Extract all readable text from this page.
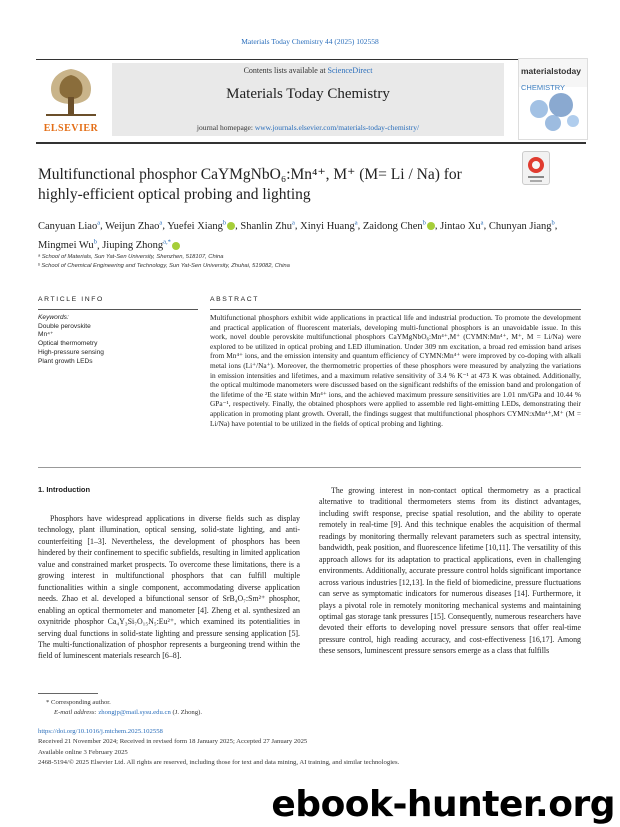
Materials Today Chemistry 44 (2025) 102558
ELSEVIER
Contents lists available at ScienceDirect
Materials Today Chemistry
journal homepage: www.journals.elsevier.com/materials-today-chemistry/
materialstoday
CHEMISTRY
Multifunctional phosphor CaYMgNbO₆:Mn⁴⁺, M⁺ (M= Li / Na) for
highly-efficient optical probing and lighting
Canyuan Liao$^a$, Weijun Zhao$^a$, Yuefei Xiang$^b$ , Shanlin Zhu$^a$, Xinyi Huang$^a$, Zaidong Chen$^b$ , Jintao Xu$^a$, Chunyan Jiang$^b$, Mingmei Wu$^b$, Jiuping Zhong$^{a,*}$
ᵃ School of Materials, Sun Yat-Sen University, Shenzhen, 518107, China
ᵇ School of Chemical Engineering and Technology, Sun Yat-Sen University, Zhuhai, 519082, China
ARTICLE INFO
Keywords:
Double perovskite
Mn⁴⁺
Optical thermometry
High-pressure sensing
Plant growth LEDs
ABSTRACT
Multifunctional phosphors exhibit wide applications in practical life and industrial production. To promote the development and practical application of fluorescent materials, developing multi-functional phosphors is an unavoidable issue. In this work, novel double perovskite multifunctional phosphors CaYMgNbO₆:Mn⁴⁺,M⁺ (CYMN:Mn⁴⁺, M⁺, M = Li/Na) were explored to be utilized in optical probing and LED illumination. Under 309 nm excitation, a broad red emission band arises from Mn⁴⁺ ions, and the emission intensity and quantum efficiency of CYMN:Mn⁴⁺ were improved by co-doping with alkali metal ions (Li⁺/Na⁺). Moreover, the thermometric properties of these phosphors were measured by analyzing the variations in emission intensities and lifetimes, and a maximum relative sensitivity of 3.4 % K⁻¹ at 473 K was obtained. Additionally, the optical multimode manometers were discussed based on the significant redshifts of the emission band and prolongation of the lifetime of the ²E state within Mn⁴⁺ ions, and the achieved maximum pressure sensitivities are 1.01 nm/GPa and 10.44 % GPa⁻¹, respectively. Finally, the obtained phosphors were applied to assemble red light-emitting LEDs, demonstrating their application in promoting plant growth. Overall, the findings suggest that multifunctional phosphors CYMN:xMn⁴⁺,M⁺ (M = Li/Na) have potential to be utilized in the fields of optical probing and lighting.
1. Introduction
Phosphors have widespread applications in diverse fields such as display technology, plant illumination, optical sensing, solid-state lighting, and anti-counterfeiting [1–3]. Nevertheless, the development of phosphors has been hindered by their confinement to specific subfields, resulting in limited application value and constrained market prospects. To overcome these limitations, there is a growing interest in multifunctional phosphors that can fulfill multiple functionalities within a single component, accommodating diverse application needs. Zhao et al. developed a bifunctional sensor of SrB₄O₇:Sm²⁺ phosphor, enabling an optical thermometer and manometer [4]. Zheng et al. synthesized an oxynitride phosphor Ca₄Y₃Si₇O₁₅N₅:Eu²⁺, which examined its potentialities in serving dual functions in solid-state lighting and pressure sensing application [5]. The multi-functionalization of phosphor represents a burgeoning trend within the field of luminescent materials research [6–8].
The growing interest in non-contact optical thermometry as a practical alternative to traditional thermometers stems from its distinct advantages, including swift response, precise spatial resolution, and the ability to operate remotely in real-time [9]. And this technique enables the acquisition of thermal readings by monitoring thermally relevant parameters such as spectral intensity, bandwidth, peak position, and fluorescence lifetime [10,11]. The versatility of this approach allows for its adaptation to practical applications, even in challenging environments. Additionally, accurate pressure control holds significant importance across various industries [12,13]. In the field of biomedicine, pressure fluctuations can serve as symptomatic indicators for numerous diseases [14]. Furthermore, it plays a pivotal role in remotely monitoring mechanical systems and maintaining optimal gas storage tank pressures [15]. Consequently, numerous researchers have devoted their efforts to developing novel pressure sensors that offer real-time pressure control, high reading accuracy, and cost-effectiveness [16,17]. Among these sensors, luminescent pressure sensors emerge as a class that fulfills
* Corresponding author.
E-mail address: zhongjp@mail.sysu.edu.cn (J. Zhong).
https://doi.org/10.1016/j.mtchem.2025.102558
Received 21 November 2024; Received in revised form 18 January 2025; Accepted 27 January 2025
Available online 3 February 2025
2468-5194/© 2025 Elsevier Ltd. All rights are reserved, including those for text and data mining, AI training, and similar technologies.
ebook-hunter.org
